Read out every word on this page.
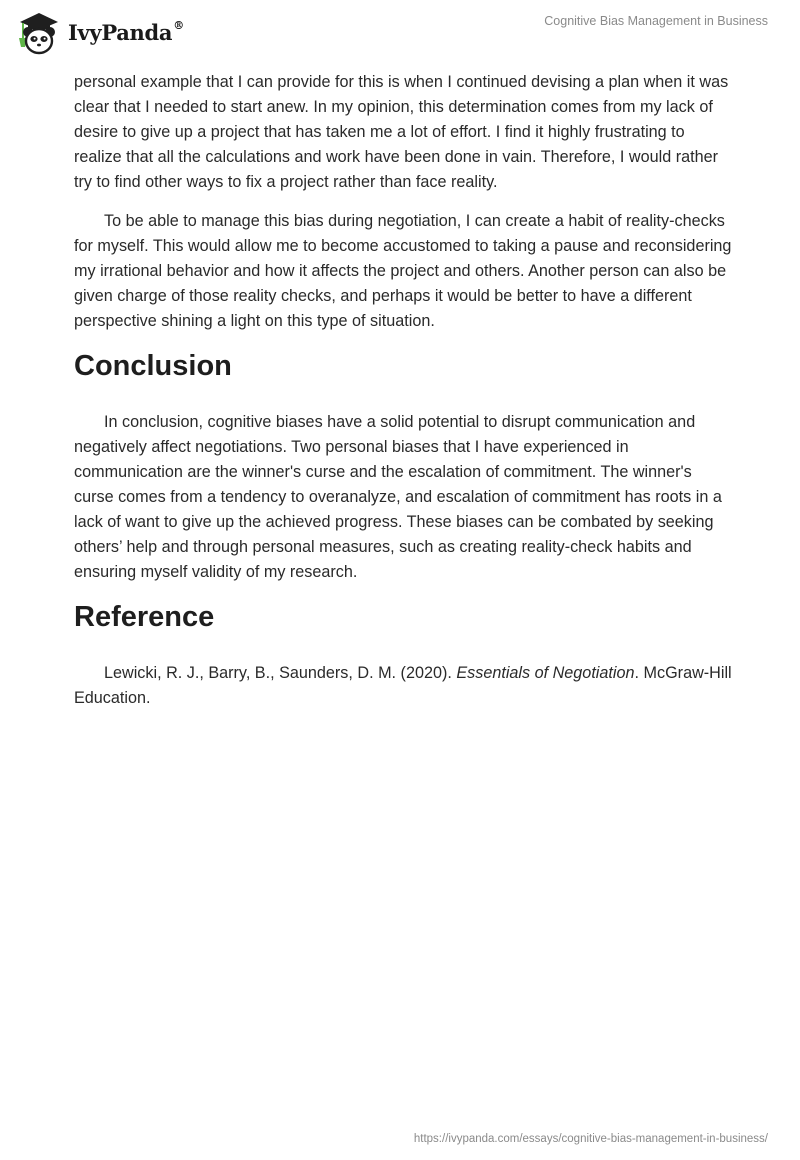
IvyPanda®	Cognitive Bias Management in Business

personal example that I can provide for this is when I continued devising a plan when it was clear that I needed to start anew. In my opinion, this determination comes from my lack of desire to give up a project that has taken me a lot of effort. I find it highly frustrating to realize that all the calculations and work have been done in vain. Therefore, I would rather try to find other ways to fix a project rather than face reality.

To be able to manage this bias during negotiation, I can create a habit of reality-checks for myself. This would allow me to become accustomed to taking a pause and reconsidering my irrational behavior and how it affects the project and others. Another person can also be given charge of those reality checks, and perhaps it would be better to have a different perspective shining a light on this type of situation.

Conclusion

In conclusion, cognitive biases have a solid potential to disrupt communication and negatively affect negotiations. Two personal biases that I have experienced in communication are the winner's curse and the escalation of commitment. The winner's curse comes from a tendency to overanalyze, and escalation of commitment has roots in a lack of want to give up the achieved progress. These biases can be combated by seeking others’ help and through personal measures, such as creating reality-check habits and ensuring myself validity of my research.

Reference

Lewicki, R. J., Barry, B., Saunders, D. M. (2020). Essentials of Negotiation. McGraw-Hill Education.

https://ivypanda.com/essays/cognitive-bias-management-in-business/
